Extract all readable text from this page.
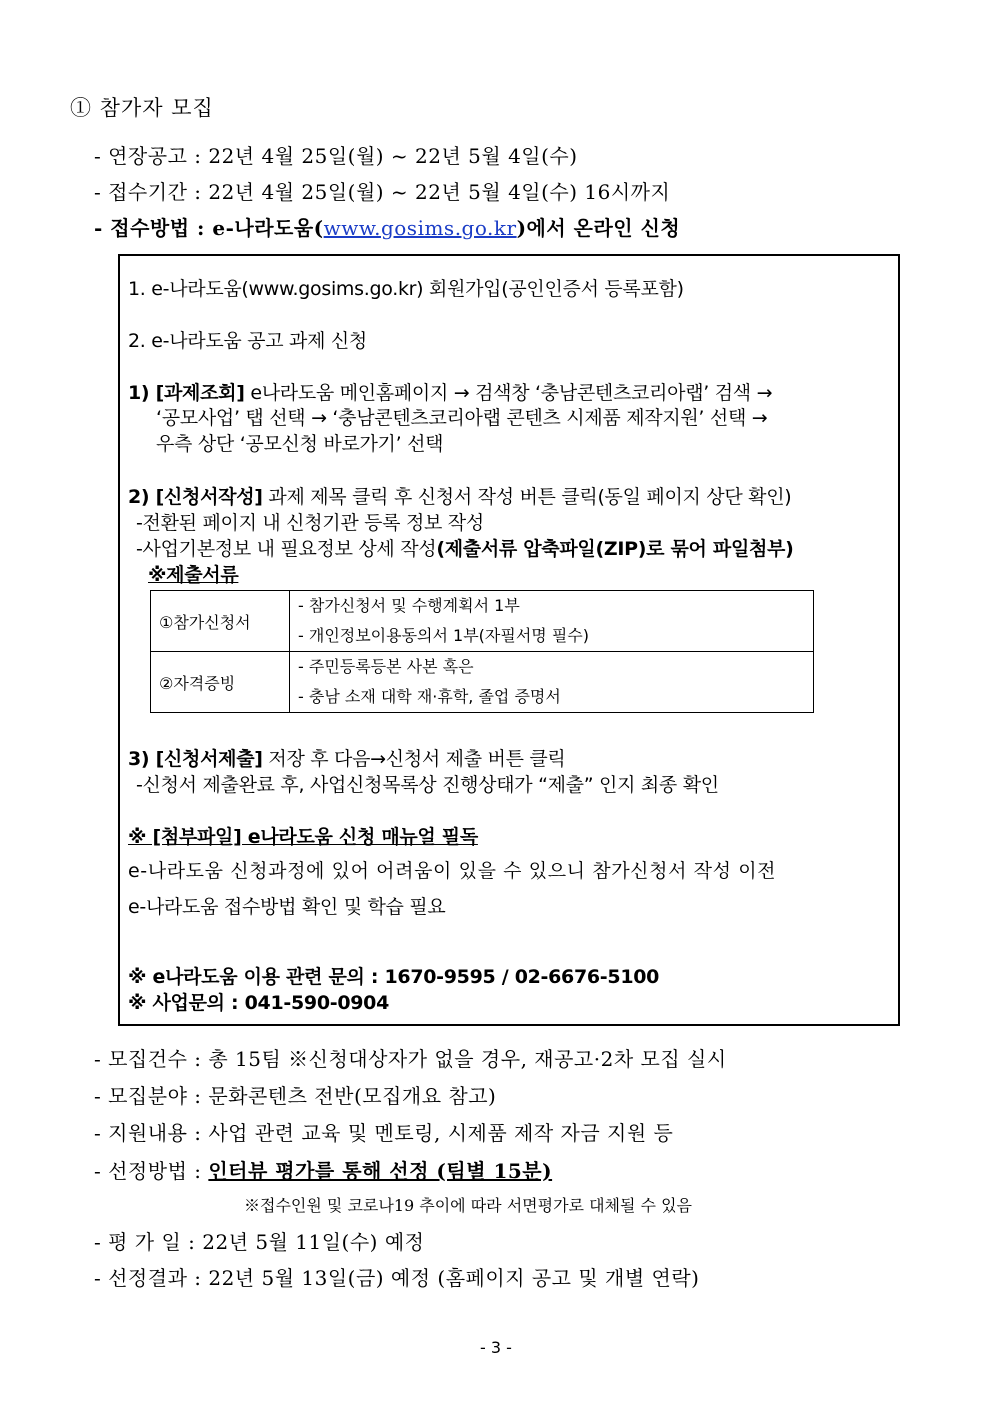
① 참가자 모집
- 연장공고 : 22년 4월 25일(월) ~ 22년 5월 4일(수)
- 접수기간 : 22년 4월 25일(월) ~ 22년 5월 4일(수) 16시까지
- 접수방법 : e-나라도움(www.gosims.go.kr)에서 온라인 신청
1. e-나라도움(www.gosims.go.kr) 회원가입(공인인증서 등록포함)
2. e-나라도움 공고 과제 신청
1) [과제조회] e나라도움 메인홈페이지 → 검색창 ‘충남콘텐츠코리아랩’ 검색 →
‘공모사업’ 탭 선택 → ‘충남콘텐츠코리아랩 콘텐츠 시제품 제작지원’ 선택 →
우측 상단 ‘공모신청 바로가기’ 선택
2) [신청서작성] 과제 제목 클릭 후 신청서 작성 버튼 클릭(동일 페이지 상단 확인)
-전환된 페이지 내 신청기관 등록 정보 작성
-사업기본정보 내 필요정보 상세 작성(제출서류 압축파일(ZIP)로 묶어 파일첨부)
※제출서류
①참가신청서	- 참가신청서 및 수행계획서 1부
- 개인정보이용동의서 1부(자필서명 필수)

②자격증빙	- 주민등록등본 사본 혹은
- 충남 소재 대학 재·휴학, 졸업 증명서
3) [신청서제출] 저장 후 다음→신청서 제출 버튼 클릭
-신청서 제출완료 후, 사업신청목록상 진행상태가 “제출” 인지 최종 확인
※ [첨부파일] e나라도움 신청 매뉴얼 필독
e-나라도움 신청과정에 있어 어려움이 있을 수 있으니 참가신청서 작성 이전
e-나라도움 접수방법 확인 및 학습 필요
※ e나라도움 이용 관련 문의 : 1670-9595 / 02-6676-5100
※ 사업문의 : 041-590-0904
- 모집건수 : 총 15팀 ※신청대상자가 없을 경우, 재공고·2차 모집 실시
- 모집분야 : 문화콘텐츠 전반(모집개요 참고)
- 지원내용 : 사업 관련 교육 및 멘토링, 시제품 제작 자금 지원 등
- 선정방법 : 인터뷰 평가를 통해 선정 (팀별 15분)
※접수인원 및 코로나19 추이에 따라 서면평가로 대체될 수 있음
- 평 가 일 : 22년 5월 11일(수) 예정
- 선정결과 : 22년 5월 13일(금) 예정 (홈페이지 공고 및 개별 연락)
- 3 -
